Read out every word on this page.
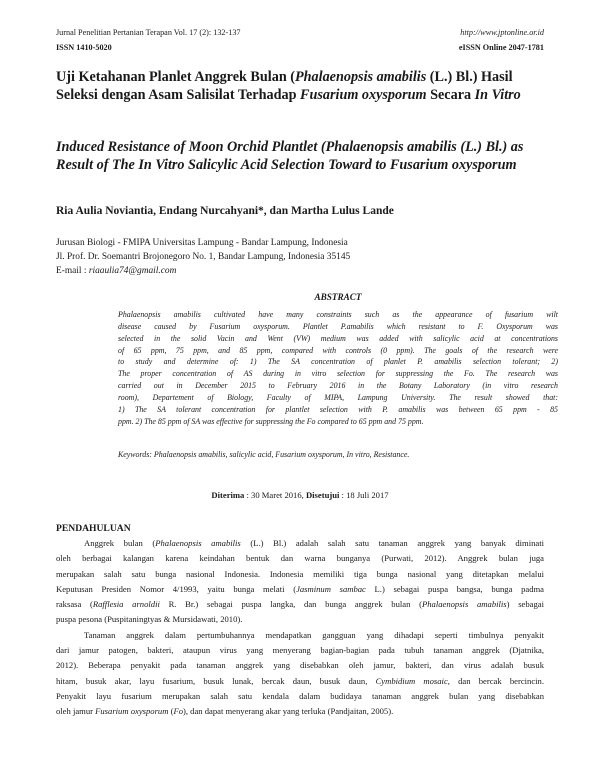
Jurnal Penelitian Pertanian Terapan Vol. 17 (2): 132-137	http://www.jptonline.or.id
ISSN 1410-5020	eISSN Online 2047-1781
Uji Ketahanan Planlet Anggrek Bulan (Phalaenopsis amabilis (L.) Bl.) Hasil Seleksi dengan Asam Salisilat Terhadap Fusarium oxysporum Secara In Vitro
Induced Resistance of Moon Orchid Plantlet (Phalaenopsis amabilis (L.) Bl.) as Result of The In Vitro Salicylic Acid Selection Toward to Fusarium oxysporum
Ria Aulia Noviantia, Endang Nurcahyani*, dan Martha Lulus Lande
Jurusan Biologi - FMIPA Universitas Lampung - Bandar Lampung, Indonesia
Jl. Prof. Dr. Soemantri Brojonegoro No. 1, Bandar Lampung, Indonesia 35145
E-mail : riaaulia74@gmail.com
ABSTRACT
Phalaenopsis amabilis cultivated have many constraints such as the appearance of fusarium wilt
disease caused by Fusarium oxysporum. Plantlet P.amabilis which resistant to F. Oxysporum was
selected in the solid Vacin and Went (VW) medium was added with salicylic acid at concentrations
of 65 ppm, 75 ppm, and 85 ppm, compared with controls (0 ppm). The goals of the research were
to study and determine of: 1) The SA concentration of planlet P. amabilis selection tolerant; 2)
The proper concentration of AS during in vitro selection for suppressing the Fo. The research was
carried out in December 2015 to February 2016 in the Botany Laboratory (in vitro research
room), Departement of Biology, Faculty of MIPA, Lampung University. The result showed that:
1) The SA tolerant concentration for plantlet selection with P. amabilis was between 65 ppm - 85
ppm. 2) The 85 ppm of SA was effective for suppressing the Fo compared to 65 ppm and 75 ppm.
Keywords: Phalaenopsis amabilis, salicylic acid, Fusarium oxysporum, In vitro, Resistance.
Diterima : 30 Maret 2016, Disetujui : 18 Juli 2017
PENDAHULUAN
Anggrek bulan (Phalaenopsis amabilis (L.) Bl.) adalah salah satu tanaman anggrek yang banyak diminati
oleh berbagai kalangan karena keindahan bentuk dan warna bunganya (Purwati, 2012). Anggrek bulan juga
merupakan salah satu bunga nasional Indonesia. Indonesia memiliki tiga bunga nasional yang ditetapkan melalui
Keputusan Presiden Nomor 4/1993, yaitu bunga melati (Jasminum sambac L.) sebagai puspa bangsa, bunga padma
raksasa (Rafflesia arnoldii R. Br.) sebagai puspa langka, dan bunga anggrek bulan (Phalaenopsis amabilis) sebagai
puspa pesona (Puspitaningtyas & Mursidawati, 2010).
Tanaman anggrek dalam pertumbuhannya mendapatkan gangguan yang dihadapi seperti timbulnya penyakit
dari jamur patogen, bakteri, ataupun virus yang menyerang bagian-bagian pada tubuh tanaman anggrek (Djatnika,
2012). Beberapa penyakit pada tanaman anggrek yang disebabkan oleh jamur, bakteri, dan virus adalah busuk
hitam, busuk akar, layu fusarium, busuk lunak, bercak daun, busuk daun, Cymbidium mosaic, dan bercak bercincin.
Penyakit layu fusarium merupakan salah satu kendala dalam budidaya tanaman anggrek bulan yang disebabkan
oleh jamur Fusarium oxysporum (Fo), dan dapat menyerang akar yang terluka (Pandjaitan, 2005).
